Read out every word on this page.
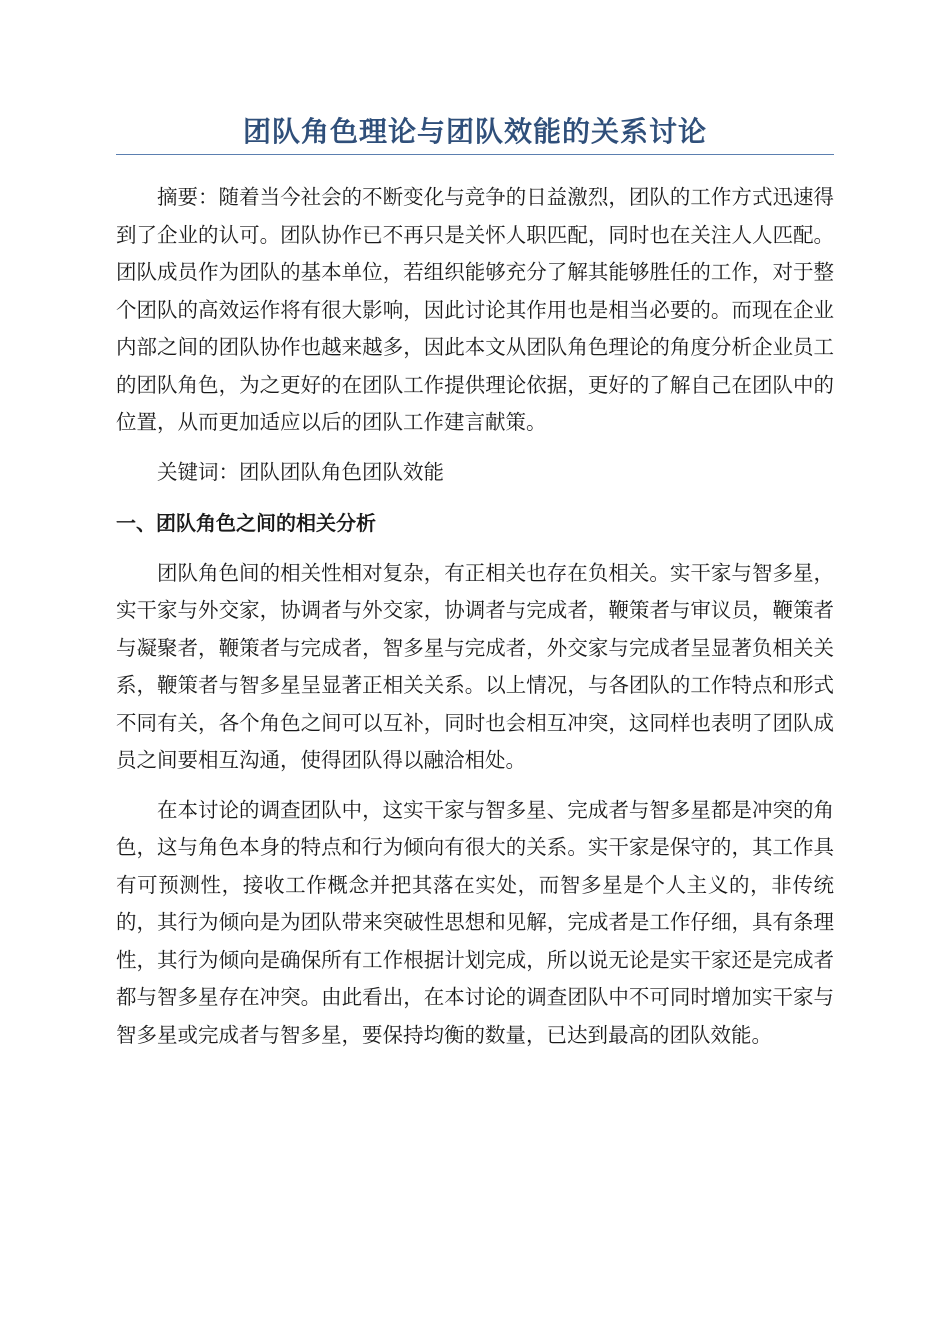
团队角色理论与团队效能的关系讨论

摘要：随着当今社会的不断变化与竞争的日益激烈，团队的工作方式迅速得到了企业的认可。团队协作已不再只是关怀人职匹配，同时也在关注人人匹配。团队成员作为团队的基本单位，若组织能够充分了解其能够胜任的工作，对于整个团队的高效运作将有很大影响，因此讨论其作用也是相当必要的。而现在企业内部之间的团队协作也越来越多，因此本文从团队角色理论的角度分析企业员工的团队角色，为之更好的在团队工作提供理论依据，更好的了解自己在团队中的位置，从而更加适应以后的团队工作建言献策。

关键词：团队团队角色团队效能

一、团队角色之间的相关分析

团队角色间的相关性相对复杂，有正相关也存在负相关。实干家与智多星，实干家与外交家，协调者与外交家，协调者与完成者，鞭策者与审议员，鞭策者与凝聚者，鞭策者与完成者，智多星与完成者，外交家与完成者呈显著负相关关系，鞭策者与智多星呈显著正相关关系。以上情况，与各团队的工作特点和形式不同有关，各个角色之间可以互补，同时也会相互冲突，这同样也表明了团队成员之间要相互沟通，使得团队得以融洽相处。

在本讨论的调查团队中，这实干家与智多星、完成者与智多星都是冲突的角色，这与角色本身的特点和行为倾向有很大的关系。实干家是保守的，其工作具有可预测性，接收工作概念并把其落在实处，而智多星是个人主义的，非传统的，其行为倾向是为团队带来突破性思想和见解，完成者是工作仔细，具有条理性，其行为倾向是确保所有工作根据计划完成，所以说无论是实干家还是完成者都与智多星存在冲突。由此看出，在本讨论的调查团队中不可同时增加实干家与智多星或完成者与智多星，要保持均衡的数量，已达到最高的团队效能。
